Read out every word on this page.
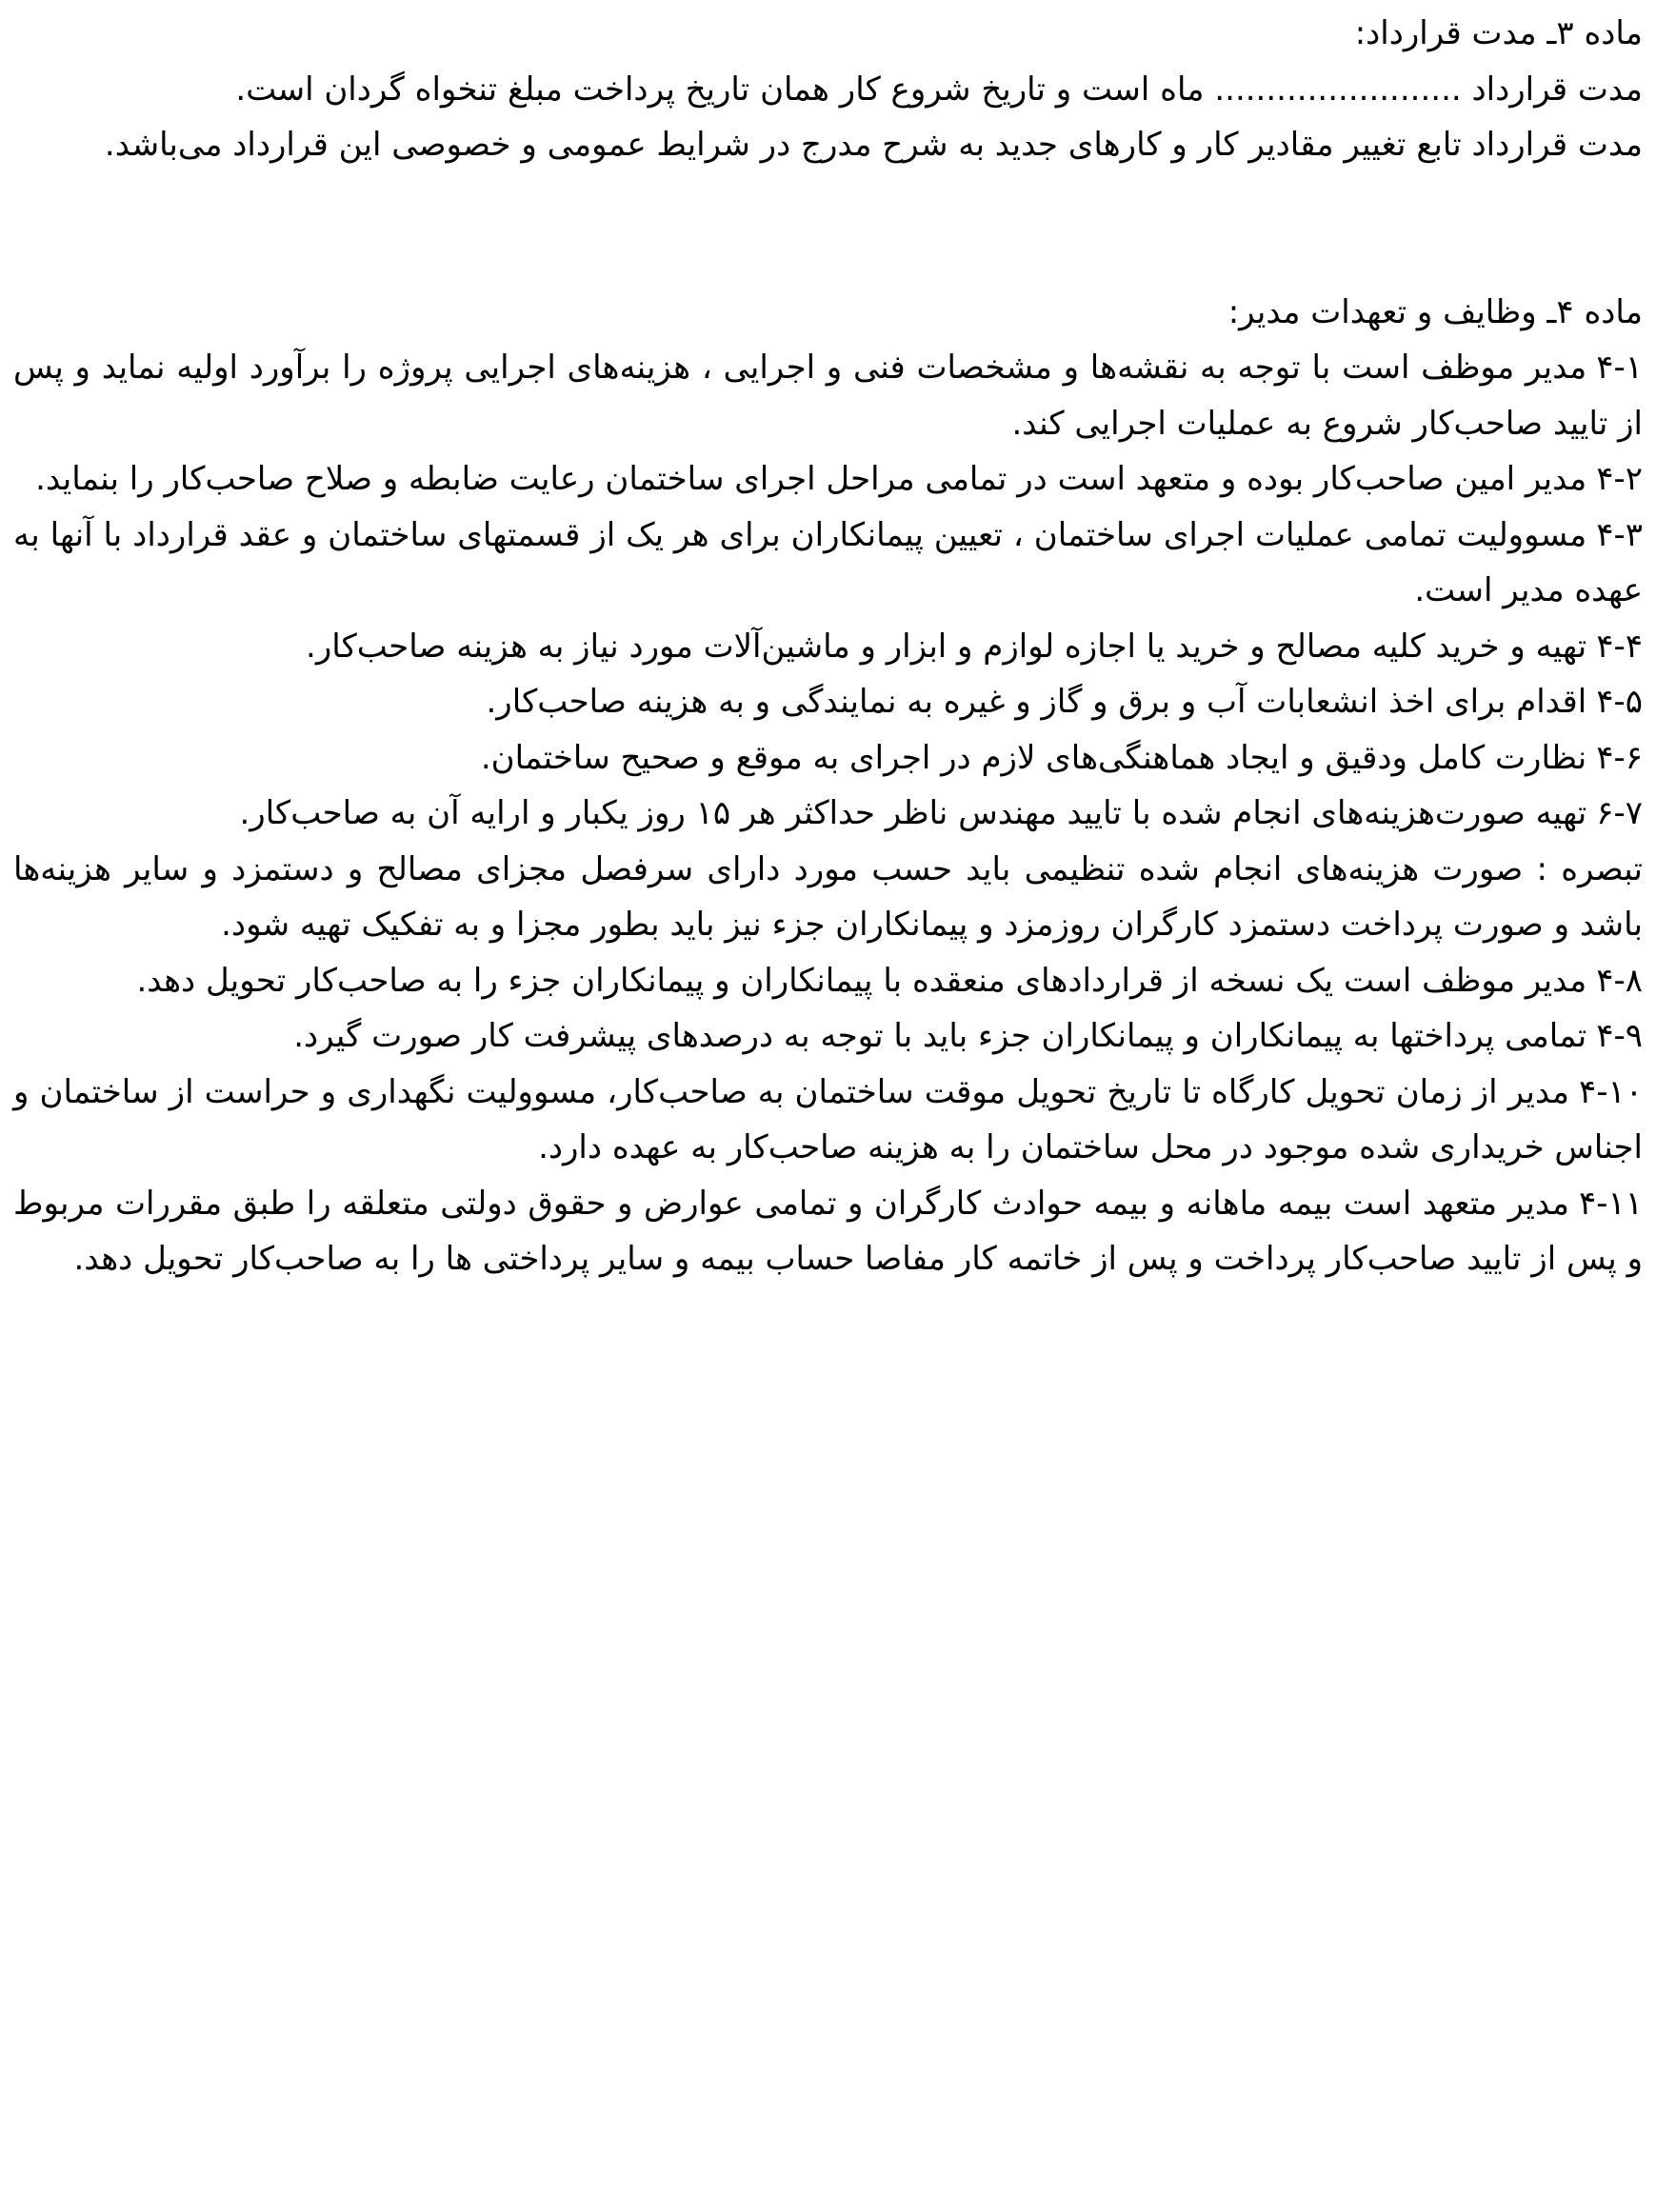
ماده ۳ـ مدت قرارداد:

مدت قرارداد ........................ ماه است و تاریخ شروع کار همان تاریخ پرداخت مبلغ تنخواه گردان است.

مدت قرارداد تابع تغییر مقادیر کار و کارهای جدید به شرح مدرج در شرایط عمومی و خصوصی این قرارداد می‌باشد.

ماده ۴ـ وظایف و تعهدات مدیر:

۴-۱مدیر موظف است با توجه به نقشه‌ها و مشخصات فنی و اجرایی ، هزینه‌های اجرایی پروژه را برآورد اولیه نماید و پس از تایید صاحب‌کار شروع به عملیات اجرایی کند.

۴-۲مدیر امین صاحب‌کار بوده و متعهد است در تمامی مراحل اجرای ساختمان رعایت ضابطه و صلاح صاحب‌کار را بنماید.

۴-۳مسوولیت تمامی عملیات اجرای ساختمان ، تعیین پیمانکاران برای هر یک از قسمتهای ساختمان و عقد قرارداد با آنها به عهده مدیر است.

۴-۴تهیه و خرید کلیه مصالح و خرید یا اجازه لوازم و ابزار و ماشین‌آلات مورد نیاز به هزینه صاحب‌کار.

۴-۵اقدام برای اخذ انشعابات آب و برق و گاز و غیره به نمایندگی و به هزینه صاحب‌کار.

۴-۶نظارت کامل ودقیق و ایجاد هماهنگی‌های لازم در اجرای به موقع و صحیح ساختمان.

۶-۷تهیه صورت‌هزینه‌های انجام شده با تایید مهندس ناظر حداکثر هر ۱۵ روز یکبار و ارایه آن به صاحب‌کار.

تبصره : صورت هزینه‌های انجام شده تنظیمی باید حسب مورد دارای سرفصل مجزای مصالح و دستمزد و سایر هزینه‌ها باشد و صورت پرداخت دستمزد کارگران روزمزد و پیمانکاران جزء نیز باید بطور مجزا و به تفکیک تهیه شود.

۴-۸مدیر موظف است یک نسخه از قراردادهای منعقده با پیمانکاران و پیمانکاران جزء را به صاحب‌کار تحویل دهد.

۴-۹تمامی پرداختها به پیمانکاران و پیمانکاران جزء باید با توجه به درصدهای پیشرفت کار صورت گیرد.

۴-۱۰مدیر از زمان تحویل کارگاه تا تاریخ تحویل موقت ساختمان به صاحب‌کار، مسوولیت نگهداری و حراست از ساختمان و اجناس خریداری شده موجود در محل ساختمان را به هزینه صاحب‌کار به عهده دارد.

۴-۱۱مدیر متعهد است بیمه ماهانه و بیمه حوادث کارگران و تمامی عوارض و حقوق دولتی متعلقه را طبق مقررات مربوط و پس از تایید صاحب‌کار پرداخت و پس از خاتمه کار مفاصا حساب بیمه و سایر پرداختی ها را به صاحب‌کار تحویل دهد.
